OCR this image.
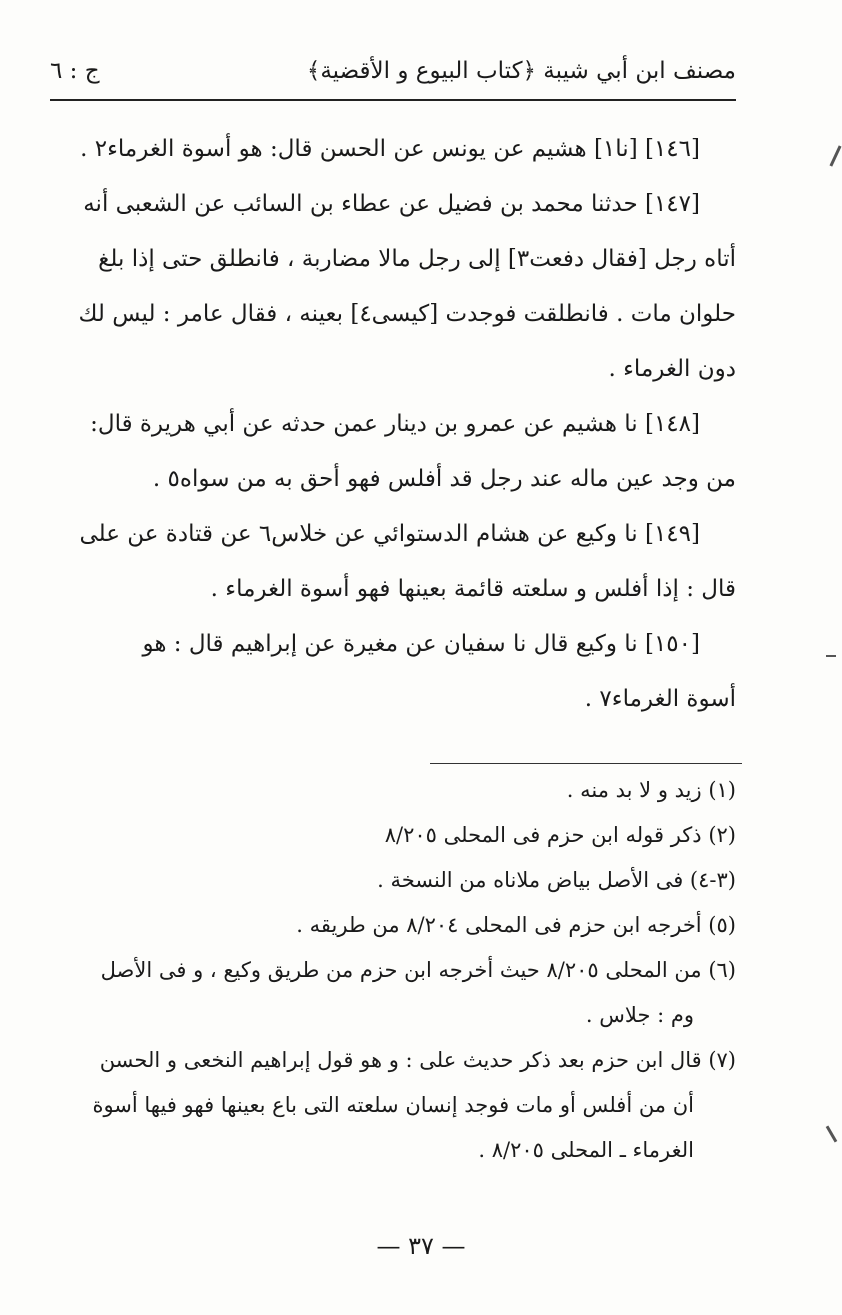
مصنف ابن أبي شيبة
﴿كتاب البيوع و الأقضية﴾
ج : ٦
[١٤٦] [نا١] هشيم عن يونس عن الحسن قال: هو أسوة الغرماء٢ .
[١٤٧] حدثنا محمد بن فضيل عن عطاء بن السائب عن الشعبى أنه
أتاه رجل [فقال دفعت٣] إلى رجل مالا مضاربة ، فانطلق حتى إذا بلغ
حلوان مات . فانطلقت فوجدت [كيسى٤] بعينه ، فقال عامر : ليس لك
دون الغرماء .
[١٤٨] نا هشيم عن عمرو بن دينار عمن حدثه عن أبي هريرة قال:
من وجد عين ماله عند رجل قد أفلس فهو أحق به من سواه٥ .
[١٤٩] نا وكيع عن هشام الدستوائي عن خلاس٦ عن قتادة عن على
قال : إذا أفلس و سلعته قائمة بعينها فهو أسوة الغرماء .
[١٥٠] نا وكيع قال نا سفيان عن مغيرة عن إبراهيم قال : هو
أسوة الغرماء٧ .
(١) زيد و لا بد منه .
(٢) ذكر قوله ابن حزم فى المحلى ٨/٢٠٥
(٣-٤) فى الأصل بياض ملاناه من النسخة .
(٥) أخرجه ابن حزم فى المحلى ٨/٢٠٤ من طريقه .
(٦) من المحلى ٨/٢٠٥ حيث أخرجه ابن حزم من طريق وكيع ، و فى الأصل
وم : جلاس .
(٧) قال ابن حزم بعد ذكر حديث على : و هو قول إبراهيم النخعى و الحسن
أن من أفلس أو مات فوجد إنسان سلعته التى باع بعينها فهو فيها أسوة
الغرماء ـ المحلى ٨/٢٠٥ .
— ٣٧ —
